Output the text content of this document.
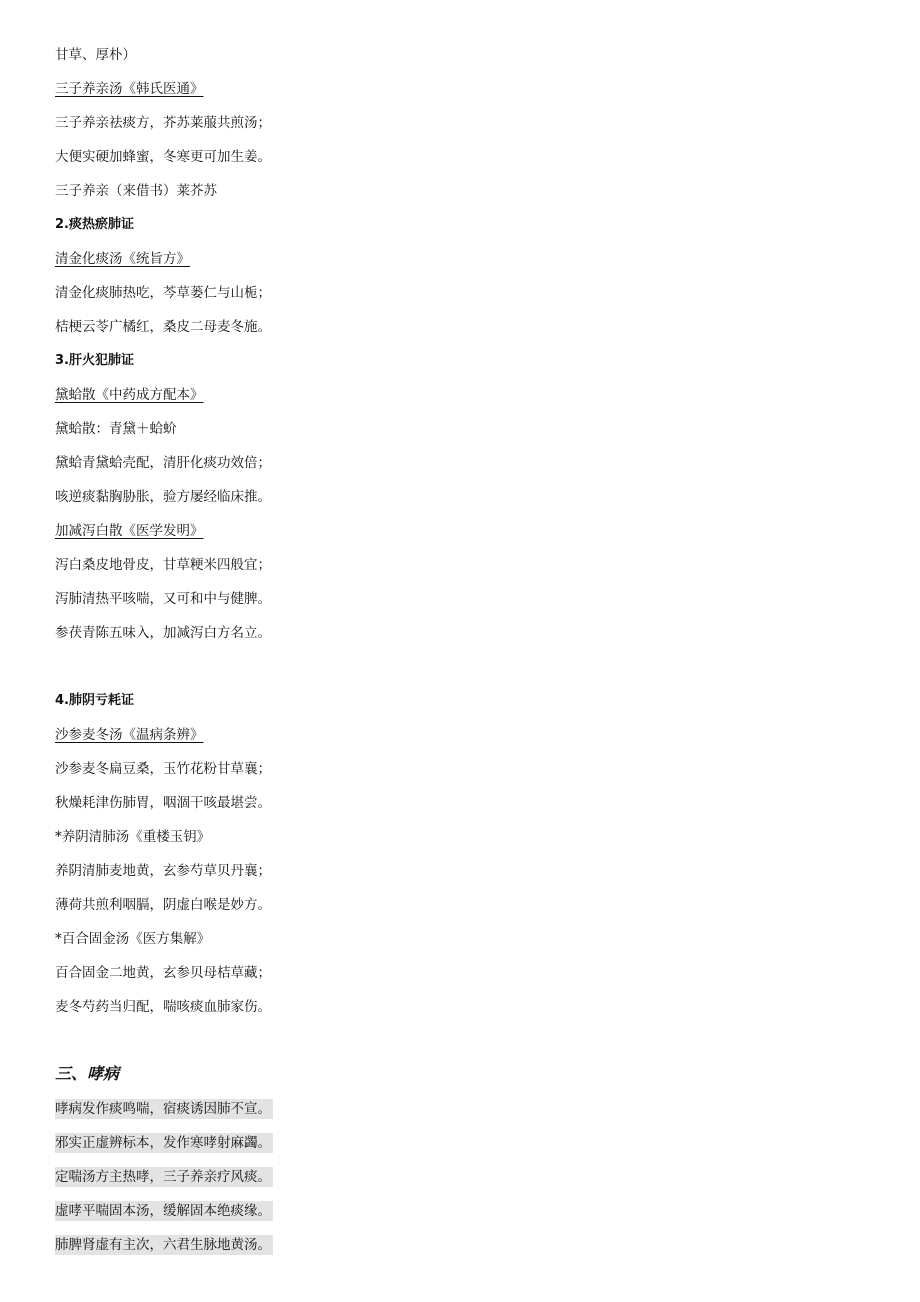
甘草、厚朴）
三子养亲汤《韩氏医通》
三子养亲祛痰方，芥苏莱菔共煎汤；
大便实硬加蜂蜜，冬寒更可加生姜。
三子养亲（来借书）莱芥苏
2.痰热瘀肺证
清金化痰汤《统旨方》
清金化痰肺热吃，芩草蒌仁与山栀；
桔梗云苓广橘红，桑皮二母麦冬施。
3.肝火犯肺证
黛蛤散《中药成方配本》
黛蛤散：青黛＋蛤蚧
黛蛤青黛蛤壳配，清肝化痰功效倍；
咳逆痰黏胸胁胀，验方屡经临床推。
加减泻白散《医学发明》
泻白桑皮地骨皮，甘草粳米四般宜；
泻肺清热平咳喘，又可和中与健脾。
参茯青陈五味入，加减泻白方名立。
4.肺阴亏耗证
沙参麦冬汤《温病条辨》
沙参麦冬扁豆桑，玉竹花粉甘草襄；
秋燥耗津伤肺胃，咽涸干咳最堪尝。
*养阴清肺汤《重楼玉钥》
养阴清肺麦地黄，玄参芍草贝丹襄；
薄荷共煎利咽膈，阴虚白喉是妙方。
*百合固金汤《医方集解》
百合固金二地黄，玄参贝母桔草藏；
麦冬芍药当归配，喘咳痰血肺家伤。
三、哮病
哮病发作痰鸣喘，宿痰诱因肺不宣。
邪实正虚辨标本，发作寒哮射麻蠲。
定喘汤方主热哮，三子养亲疗风痰。
虚哮平喘固本汤，缓解固本绝痰缘。
肺脾肾虚有主次，六君生脉地黄汤。
